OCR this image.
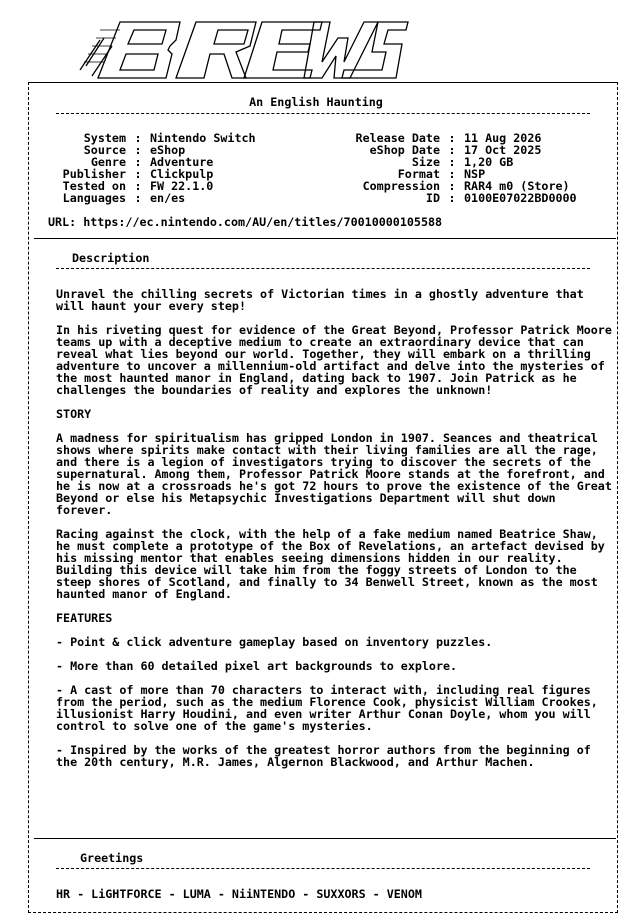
An English Haunting
System : Nintendo Switch
Source : eShop
Genre : Adventure
Publisher : Clickpulp
Tested on : FW 22.1.0
Languages : en/es
Release Date : 11 Aug 2026
eShop Date : 17 Oct 2025
Size : 1,20 GB
Format : NSP
Compression : RAR4 m0 (Store)
ID : 0100E07022BD0000
URL: https://ec.nintendo.com/AU/en/titles/70010000105588
Description

Unravel the chilling secrets of Victorian times in a ghostly adventure that will haunt your every step!

In his riveting quest for evidence of the Great Beyond, Professor Patrick Moore teams up with a deceptive medium to create an extraordinary device that can reveal what lies beyond our world. Together, they will embark on a thrilling adventure to uncover a millennium-old artifact and delve into the mysteries of the most haunted manor in England, dating back to 1907. Join Patrick as he challenges the boundaries of reality and explores the unknown!

STORY

A madness for spiritualism has gripped London in 1907. Seances and theatrical shows where spirits make contact with their living families are all the rage, and there is a legion of investigators trying to discover the secrets of the supernatural. Among them, Professor Patrick Moore stands at the forefront, and he is now at a crossroads he's got 72 hours to prove the existence of the Great Beyond or else his Metapsychic Investigations Department will shut down forever.

Racing against the clock, with the help of a fake medium named Beatrice Shaw, he must complete a prototype of the Box of Revelations, an artefact devised by his missing mentor that enables seeing dimensions hidden in our reality. Building this device will take him from the foggy streets of London to the steep shores of Scotland, and finally to 34 Benwell Street, known as the most haunted manor of England.

FEATURES

- Point & click adventure gameplay based on inventory puzzles.

- More than 60 detailed pixel art backgrounds to explore.

- A cast of more than 70 characters to interact with, including real figures from the period, such as the medium Florence Cook, physicist William Crookes, illusionist Harry Houdini, and even writer Arthur Conan Doyle, whom you will control to solve one of the game's mysteries.

- Inspired by the works of the greatest horror authors from the beginning of the 20th century, M.R. James, Algernon Blackwood, and Arthur Machen.

Greetings
HR - LiGHTFORCE - LUMA - NiiNTENDO - SUXXORS - VENOM
